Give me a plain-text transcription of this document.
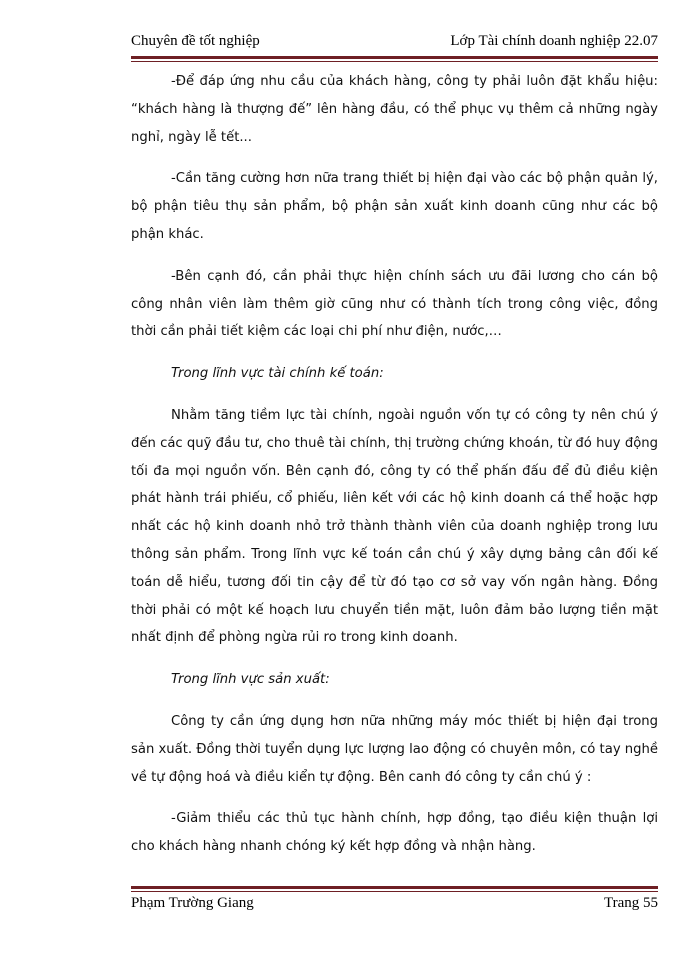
Chuyên đề tốt nghiệp	Lớp Tài chính doanh nghiệp 22.07

-Để đáp ứng nhu cầu của khách hàng, công ty phải luôn đặt khẩu hiệu: “khách hàng là thượng đế” lên hàng đầu, có thể phục vụ thêm cả những ngày nghỉ, ngày lễ tết...

-Cần tăng cường hơn nữa trang thiết bị hiện đại vào các bộ phận quản lý, bộ phận tiêu thụ sản phẩm, bộ phận sản xuất kinh doanh cũng như các bộ phận khác.

-Bên cạnh đó, cần phải thực hiện chính sách ưu đãi lương cho cán bộ công nhân viên làm thêm giờ cũng như có thành tích trong công việc, đồng thời cần phải tiết kiệm các loại chi phí như điện, nước,…

Trong lĩnh vực tài chính kế toán:

Nhằm tăng tiềm lực tài chính, ngoài nguồn vốn tự có công ty nên chú ý đến các quỹ đầu tư, cho thuê tài chính, thị trường chứng khoán, từ đó huy động tối đa mọi nguồn vốn. Bên cạnh đó, công ty có thể phấn đấu để đủ điều kiện phát hành trái phiếu, cổ phiếu, liên kết với các hộ kinh doanh cá thể hoặc hợp nhất các hộ kinh doanh nhỏ trở thành thành viên của doanh nghiệp trong lưu thông sản phẩm. Trong lĩnh vực kế toán cần chú ý xây dựng bảng cân đối kế toán dễ hiểu, tương đối tin cậy để từ đó tạo cơ sở vay vốn ngân hàng. Đồng thời phải có một kế hoạch lưu chuyển tiền mặt, luôn đảm bảo lượng tiền mặt nhất định để phòng ngừa rủi ro trong kinh doanh.

Trong lĩnh vực sản xuất:

Công ty cần ứng dụng hơn nữa những máy móc thiết bị hiện đại trong sản xuất. Đồng thời tuyển dụng lực lượng lao động có chuyên môn, có tay nghề về tự động hoá và điều kiển tự động. Bên canh đó công ty cần chú ý :

-Giảm thiểu các thủ tục hành chính, hợp đồng, tạo điều kiện thuận lợi cho khách hàng nhanh chóng ký kết hợp đồng và nhận hàng.

Phạm Trường Giang	Trang 55
